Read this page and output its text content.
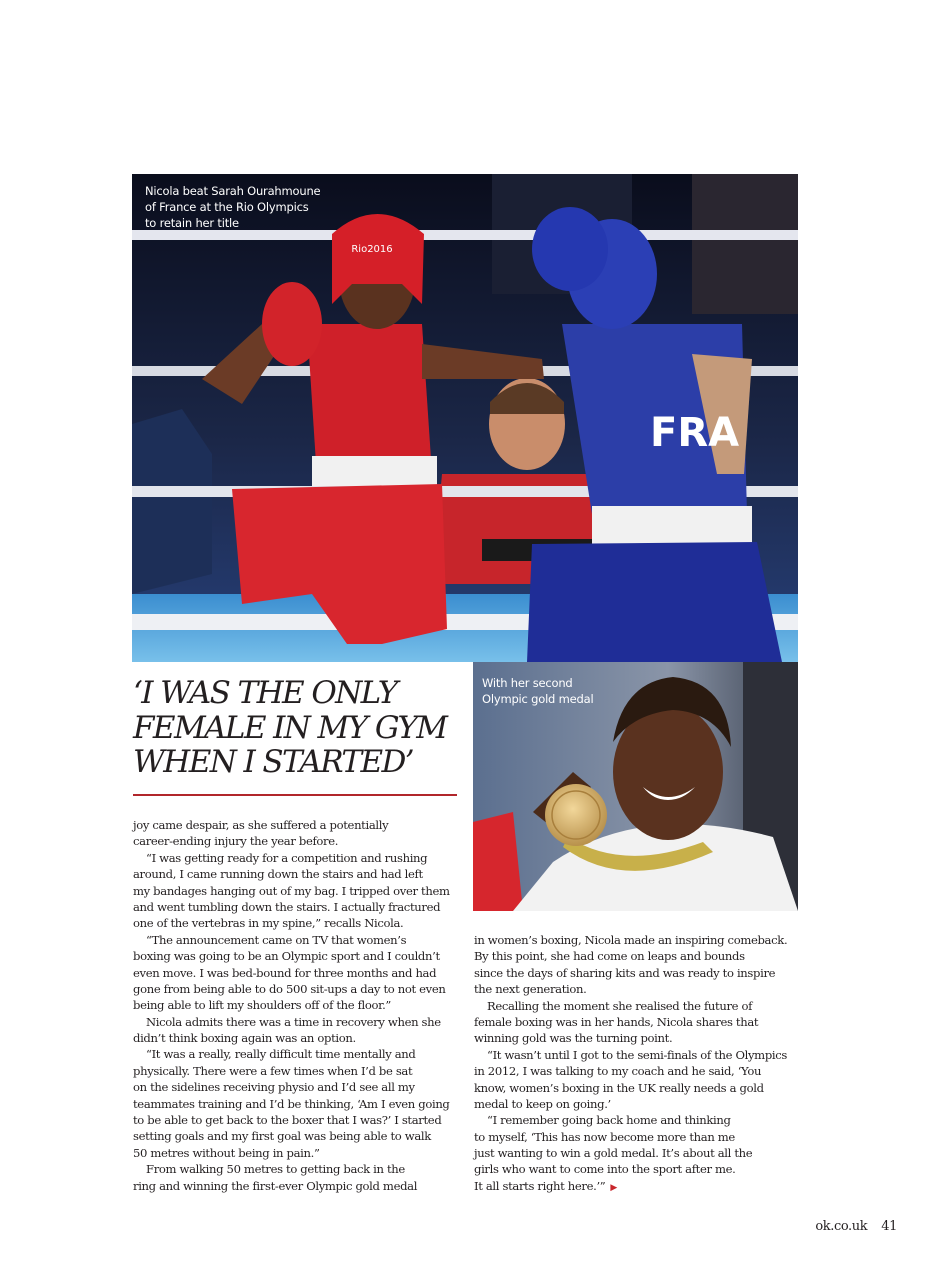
Rio2016
FRA
Nicola beat Sarah Ourahmoune
of France at the Rio Olympics
to retain her title
With her second
Olympic gold medal
‘I WAS THE ONLY
FEMALE IN MY GYM
WHEN I STARTED’
joy came despair, as she suffered a potentially
career-ending injury the year before.
“I was getting ready for a competition and rushing
around, I came running down the stairs and had left
my bandages hanging out of my bag. I tripped over them
and went tumbling down the stairs. I actually fractured
one of the vertebras in my spine,” recalls Nicola.
“The announcement came on TV that women’s
boxing was going to be an Olympic sport and I couldn’t
even move. I was bed-bound for three months and had
gone from being able to do 500 sit-ups a day to not even
being able to lift my shoulders off of the floor.”
Nicola admits there was a time in recovery when she
didn’t think boxing again was an option.
“It was a really, really difficult time mentally and
physically. There were a few times when I’d be sat
on the sidelines receiving physio and I’d see all my
teammates training and I’d be thinking, ‘Am I even going
to be able to get back to the boxer that I was?’ I started
setting goals and my first goal was being able to walk
50 metres without being in pain.”
From walking 50 metres to getting back in the
ring and winning the first-ever Olympic gold medal
in women’s boxing, Nicola made an inspiring comeback.
By this point, she had come on leaps and bounds
since the days of sharing kits and was ready to inspire
the next generation.
Recalling the moment she realised the future of
female boxing was in her hands, Nicola shares that
winning gold was the turning point.
“It wasn’t until I got to the semi-finals of the Olympics
in 2012, I was talking to my coach and he said, ‘You
know, women’s boxing in the UK really needs a gold
medal to keep on going.’
“I remember going back home and thinking
to myself, ‘This has now become more than me
just wanting to win a gold medal. It’s about all the
girls who want to come into the sport after me.
It all starts right here.’” ▶
ok.co.uk 41
